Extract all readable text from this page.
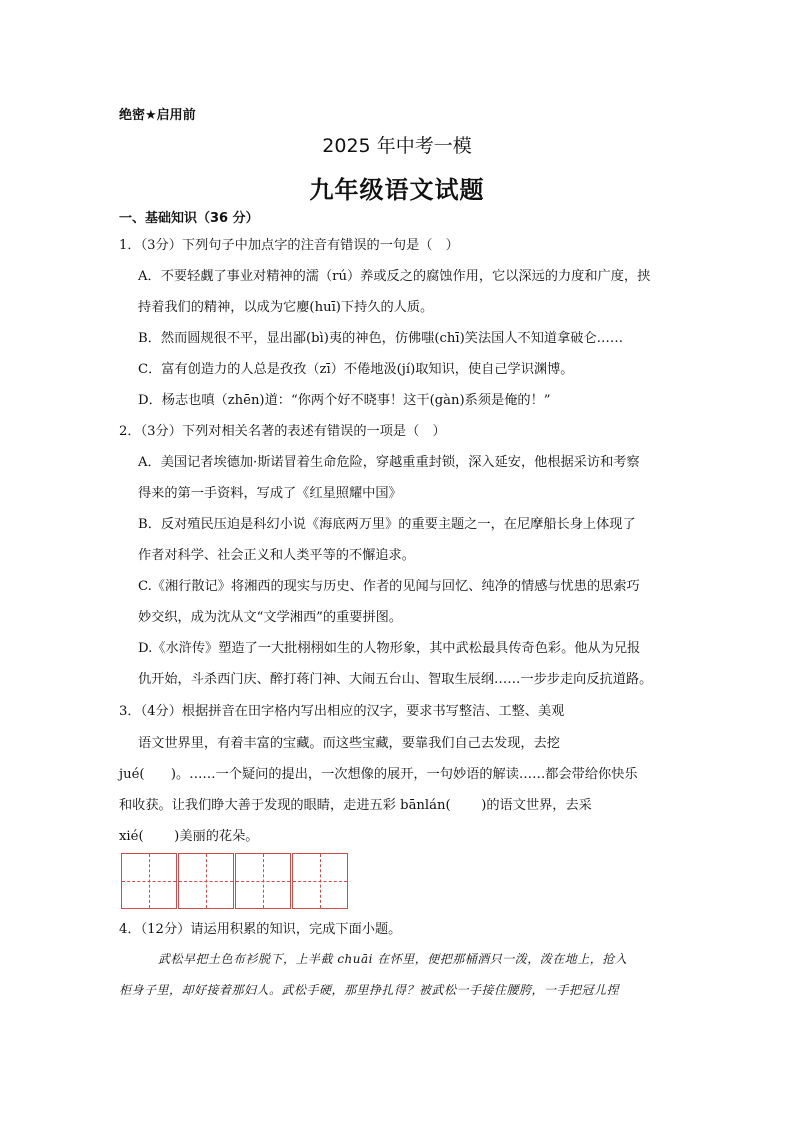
绝密★启用前
2025 年中考一模
九年级语文试题
一、基础知识（36 分）
1．（3分）下列句子中加点字的注音有错误的一句是（　）
A．不要轻觑了事业对精神的濡（rú）养或反之的腐蚀作用，它以深远的力度和广度，挟
持着我们的精神，以成为它廮(huī)下持久的人质。
B．然而圆规很不平，显出鄙(bì)夷的神色，仿佛嗤(chī)笑法国人不知道拿破仑……
C．富有创造力的人总是孜孜（zī）不倦地汲(jí)取知识，使自己学识渊博。
D．杨志也嗔（zhēn)道：“你两个好不晓事！这干(gàn)系须是俺的！”
2．（3分）下列对相关名著的表述有错误的一项是（　）
A．美国记者埃德加·斯诺冒着生命危险，穿越重重封锁，深入延安，他根据采访和考察
得来的第一手资料，写成了《红星照耀中国》
B．反对殖民压迫是科幻小说《海底两万里》的重要主题之一，在尼摩船长身上体现了
作者对科学、社会正义和人类平等的不懈追求。
C.《湘行散记》将湘西的现实与历史、作者的见闻与回忆、纯净的情感与忧患的思索巧
妙交织，成为沈从文“文学湘西”的重要拼图。
D.《水浒传》塑造了一大批栩栩如生的人物形象，其中武松最具传奇色彩。他从为兄报
仇开始，斗杀西门庆、醉打蒋门神、大闹五台山、智取生辰纲……一步步走向反抗道路。
3．（4分）根据拼音在田字格内写出相应的汉字，要求书写整洁、工整、美观
语文世界里，有着丰富的宝藏。而这些宝藏，要靠我们自己去发现，去挖
jué(　　)。……一个疑问的提出，一次想像的展开，一句妙语的解读……都会带给你快乐
和收获。让我们睁大善于发现的眼睛，走进五彩 bānlán(　　 )的语文世界，去采
xié(　　 )美丽的花朵。
4．（12分）请运用积累的知识，完成下面小题。
武松早把土色布衫脱下，上半截 chuāi 在怀里，便把那桶酒只一泼，泼在地上，抢入
柜身子里，却好接着那妇人。武松手硬，那里挣扎得？被武松一手接住腰胯，一手把冠儿捏
